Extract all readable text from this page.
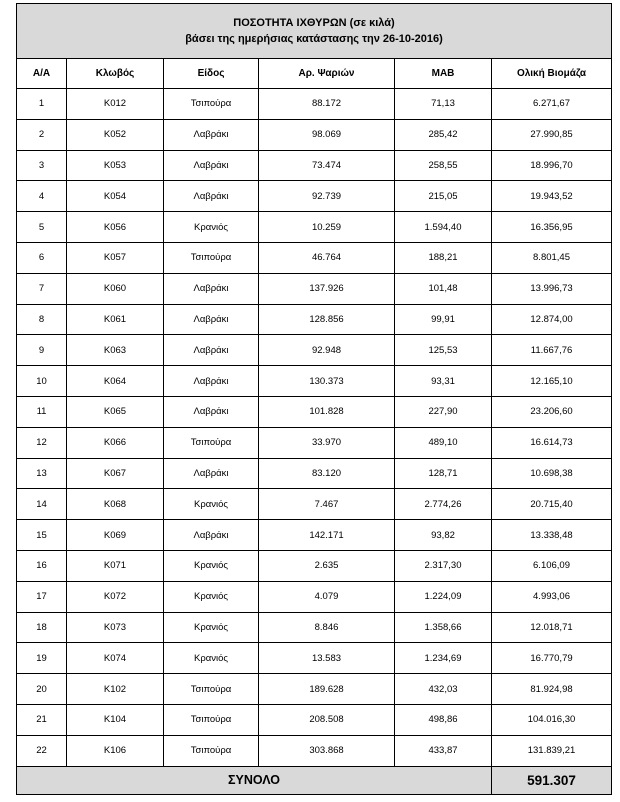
ΠΟΣΟΤΗΤΑ ΙΧΘΥΡΩΝ (σε κιλά)
βάσει της ημερήσιας κατάστασης την 26-10-2016)					

Α/Α	Κλωβός	Είδος	Αρ. Ψαριών	ΜΑΒ	Ολική Βιομάζα
1	K012	Τσιπούρα	88.172	71,13	6.271,67
2	K052	Λαβράκι	98.069	285,42	27.990,85
3	K053	Λαβράκι	73.474	258,55	18.996,70
4	K054	Λαβράκι	92.739	215,05	19.943,52
5	K056	Κρανιός	10.259	1.594,40	16.356,95
6	K057	Τσιπούρα	46.764	188,21	8.801,45
7	K060	Λαβράκι	137.926	101,48	13.996,73
8	K061	Λαβράκι	128.856	99,91	12.874,00
9	K063	Λαβράκι	92.948	125,53	11.667,76
10	K064	Λαβράκι	130.373	93,31	12.165,10
11	K065	Λαβράκι	101.828	227,90	23.206,60
12	K066	Τσιπούρα	33.970	489,10	16.614,73
13	K067	Λαβράκι	83.120	128,71	10.698,38
14	K068	Κρανιός	7.467	2.774,26	20.715,40
15	K069	Λαβράκι	142.171	93,82	13.338,48
16	K071	Κρανιός	2.635	2.317,30	6.106,09
17	K072	Κρανιός	4.079	1.224,09	4.993,06
18	K073	Κρανιός	8.846	1.358,66	12.018,71
19	K074	Κρανιός	13.583	1.234,69	16.770,79
20	K102	Τσιπούρα	189.628	432,03	81.924,98
21	K104	Τσιπούρα	208.508	498,86	104.016,30
22	K106	Τσιπούρα	303.868	433,87	131.839,21
ΣΥΝΟΛΟ					591.307
